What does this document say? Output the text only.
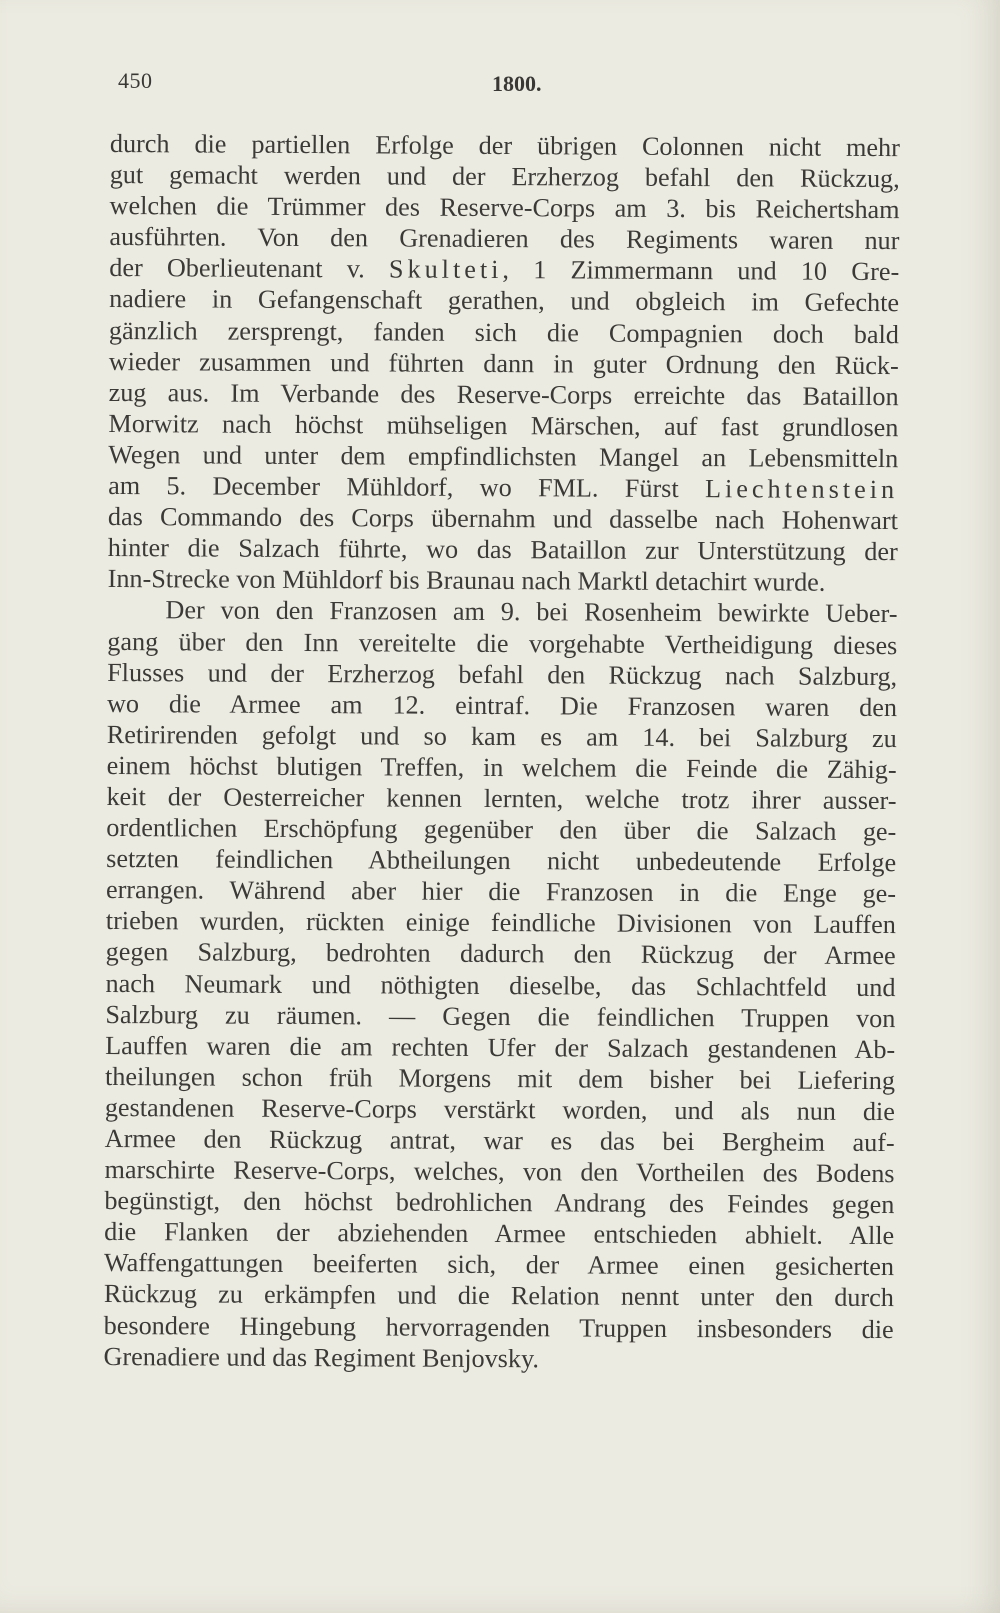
450	1800.
durch die partiellen Erfolge der übrigen Colonnen nicht mehr
gut gemacht werden und der Erzherzog befahl den Rückzug,
welchen die Trümmer des Reserve-Corps am 3. bis Reichertsham
ausführten. Von den Grenadieren des Regiments waren nur
der Oberlieutenant v. Skulteti, 1 Zimmermann und 10 Gre-
nadiere in Gefangenschaft gerathen, und obgleich im Gefechte
gänzlich zersprengt, fanden sich die Compagnien doch bald
wieder zusammen und führten dann in guter Ordnung den Rück-
zug aus. Im Verbande des Reserve-Corps erreichte das Bataillon
Morwitz nach höchst mühseligen Märschen, auf fast grundlosen
Wegen und unter dem empfindlichsten Mangel an Lebensmitteln
am 5. December Mühldorf, wo FML. Fürst Liechtenstein
das Commando des Corps übernahm und dasselbe nach Hohenwart
hinter die Salzach führte, wo das Bataillon zur Unterstützung der
Inn-Strecke von Mühldorf bis Braunau nach Marktl detachirt wurde.
Der von den Franzosen am 9. bei Rosenheim bewirkte Ueber-
gang über den Inn vereitelte die vorgehabte Vertheidigung dieses
Flusses und der Erzherzog befahl den Rückzug nach Salzburg,
wo die Armee am 12. eintraf. Die Franzosen waren den
Retirirenden gefolgt und so kam es am 14. bei Salzburg zu
einem höchst blutigen Treffen, in welchem die Feinde die Zähig-
keit der Oesterreicher kennen lernten, welche trotz ihrer ausser-
ordentlichen Erschöpfung gegenüber den über die Salzach ge-
setzten feindlichen Abtheilungen nicht unbedeutende Erfolge
errangen. Während aber hier die Franzosen in die Enge ge-
trieben wurden, rückten einige feindliche Divisionen von Lauffen
gegen Salzburg, bedrohten dadurch den Rückzug der Armee
nach Neumark und nöthigten dieselbe, das Schlachtfeld und
Salzburg zu räumen. — Gegen die feindlichen Truppen von
Lauffen waren die am rechten Ufer der Salzach gestandenen Ab-
theilungen schon früh Morgens mit dem bisher bei Liefering
gestandenen Reserve-Corps verstärkt worden, und als nun die
Armee den Rückzug antrat, war es das bei Bergheim auf-
marschirte Reserve-Corps, welches, von den Vortheilen des Bodens
begünstigt, den höchst bedrohlichen Andrang des Feindes gegen
die Flanken der abziehenden Armee entschieden abhielt. Alle
Waffengattungen beeiferten sich, der Armee einen gesicherten
Rückzug zu erkämpfen und die Relation nennt unter den durch
besondere Hingebung hervorragenden Truppen insbesonders die
Grenadiere und das Regiment Benjovsky.
